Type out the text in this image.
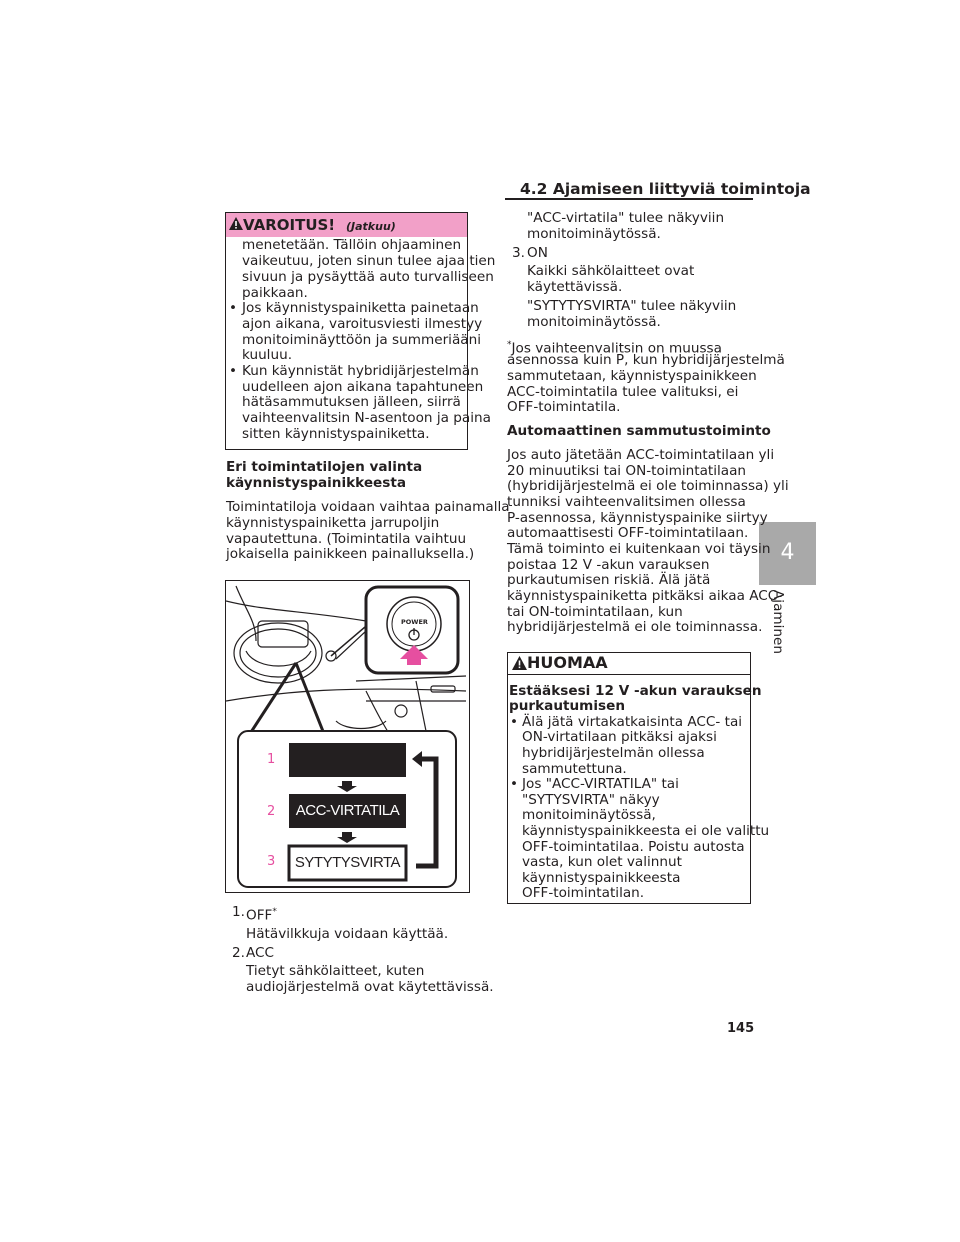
4.2 Ajamiseen liittyviä toimintoja
4
Ajaminen
VAROITUS! (Jatkuu)
menetetään. Tällöin ohjaaminen
vaikeutuu, joten sinun tulee ajaa tien
sivuun ja pysäyttää auto turvalliseen
paikkaan.
• Jos käynnistyspainiketta painetaan
ajon aikana, varoitusviesti ilmestyy
monitoiminäyttöön ja summeriääni
kuuluu.
• Kun käynnistät hybridijärjestelmän
uudelleen ajon aikana tapahtuneen
hätäsammutuksen jälleen, siirrä
vaihteenvalitsin N-asentoon ja paina
sitten käynnistyspainiketta.
Eri toimintatilojen valinta
käynnistyspainikkeesta
Toimintatiloja voidaan vaihtaa painamalla
käynnistyspainiketta jarrupoljin
vapautettuna. (Toimintatila vaihtuu
jokaisella painikkeen painalluksella.)
1
2
3
POWER
ACC-VIRTATILA
SYTYTYSVIRTA
1. OFF*
Hätävilkkuja voidaan käyttää.
2. ACC
Tietyt sähkölaitteet, kuten
audiojärjestelmä ovat käytettävissä.
"ACC-virtatila" tulee näkyviin
monitoiminäytössä.
3. ON
Kaikki sähkölaitteet ovat
käytettävissä.
"SYTYTYSVIRTA" tulee näkyviin
monitoiminäytössä.
*Jos vaihteenvalitsin on muussa
asennossa kuin P, kun hybridijärjestelmä
sammutetaan, käynnistyspainikkeen
ACC-toimintatila tulee valituksi, ei
OFF-toimintatila.
Automaattinen sammutustoiminto
Jos auto jätetään ACC-toimintatilaan yli
20 minuutiksi tai ON-toimintatilaan
(hybridijärjestelmä ei ole toiminnassa) yli
tunniksi vaihteenvalitsimen ollessa
P-asennossa, käynnistyspainike siirtyy
automaattisesti OFF-toimintatilaan.
Tämä toiminto ei kuitenkaan voi täysin
poistaa 12 V -akun varauksen
purkautumisen riskiä. Älä jätä
käynnistyspainiketta pitkäksi aikaa ACC-
tai ON-toimintatilaan, kun
hybridijärjestelmä ei ole toiminnassa.
HUOMAA
Estääksesi 12 V -akun varauksen
purkautumisen
• Älä jätä virtakatkaisinta ACC- tai
ON-virtatilaan pitkäksi ajaksi
hybridijärjestelmän ollessa
sammutettuna.
• Jos "ACC-VIRTATILA" tai
"SYTYSVIRTA" näkyy
monitoiminäytössä,
käynnistyspainikkeesta ei ole valittu
OFF-toimintatilaa. Poistu autosta
vasta, kun olet valinnut
käynnistyspainikkeesta
OFF-toimintatilan.
145
